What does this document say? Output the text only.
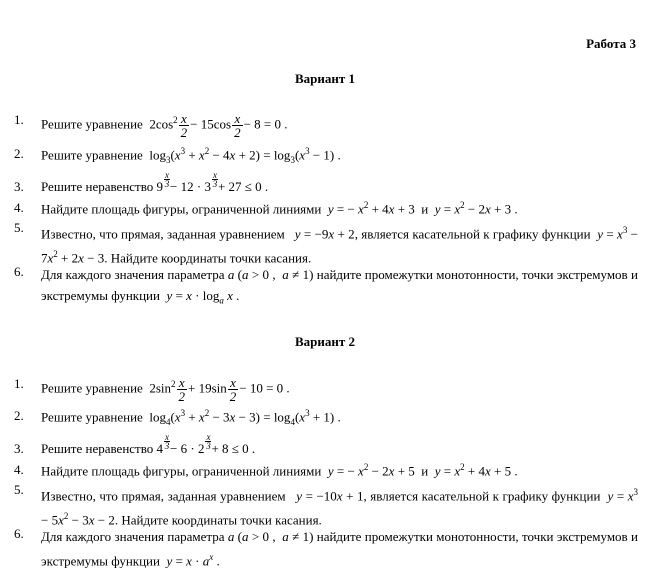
Работа 3
Вариант 1
1.	Решите уравнение  $2\cos^2 \frac{x}{2} - 15\cos \frac{x}{2} - 8 = 0$ .
2.	Решите уравнение  $\log_3(x^3 + x^2 - 4x + 2) = \log_3(x^3 - 1)$ .
3.	Решите неравенство $9 \frac{x}{3} - 12 \cdot 3 \frac{x}{3} + 27 \le 0$ .
4.	Найдите площадь фигуры, ограниченной линиями y = − $x^2 + 4x + 3$  и $y = x^2 - 2x + 3$ .
5.	Известно, что прямая, заданная уравнением y = −9x + 2, является касательной к графику функции $y = x^3 - 7x^2 + 2x - 3$. Найдите координаты точки касания.
6.	Для каждого значения параметра a (a > 0 ,  a ≠ 1) найдите промежутки монотонности, точки экстремумов и экстремумы функции $y = x \cdot \log_a x$ .
Вариант 2
1.	Решите уравнение  $2\sin^2 \frac{x}{2} + 19\sin \frac{x}{2} - 10 = 0$ .
2.	Решите уравнение  $\log_4(x^3 + x^2 - 3x - 3) = \log_4(x^3 + 1)$ .
3.	Решите неравенство $4 \frac{x}{3} - 6 \cdot 2 \frac{x}{3} + 8 \le 0$ .
4.	Найдите площадь фигуры, ограниченной линиями y = − $x^2 - 2x + 5$  и $y = x^2 + 4x + 5$ .
5.	Известно, что прямая, заданная уравнением y = −10x + 1, является касательной к графику функции $y = x^3 - 5x^2 - 3x - 2$. Найдите координаты точки касания.
6.	Для каждого значения параметра a (a > 0 ,  a ≠ 1) найдите промежутки монотонности, точки экстремумов и экстремумы функции $y = x \cdot a^x$ .
